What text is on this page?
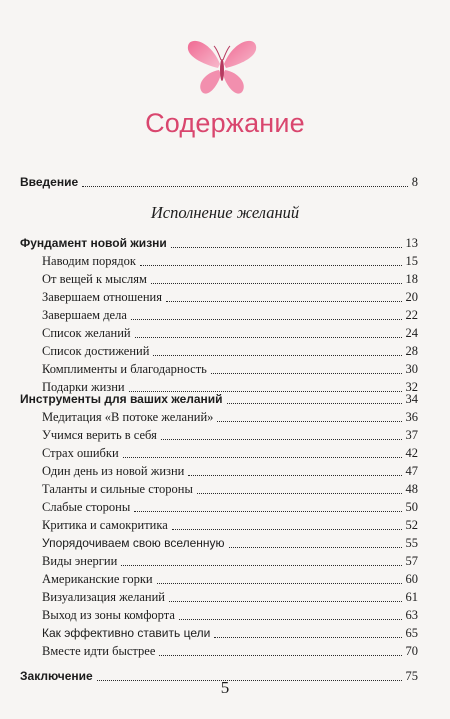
Содержание
Введение	8
Исполнение желаний
Фундамент новой жизни	13
Наводим порядок	15
От вещей к мыслям	18
Завершаем отношения	20
Завершаем дела	22
Список желаний	24
Список достижений	28
Комплименты и благодарность	30
Подарки жизни	32
Инструменты для ваших желаний	34
Медитация «В потоке желаний»	36
Учимся верить в себя	37
Страх ошибки	42
Один день из новой жизни	47
Таланты и сильные стороны	48
Слабые стороны	50
Критика и самокритика	52
Упорядочиваем свою вселенную	55
Виды энергии	57
Американские горки	60
Визуализация желаний	61
Выход из зоны комфорта	63
Как эффективно ставить цели	65
Вместе идти быстрее	70
Заключение	75
5
